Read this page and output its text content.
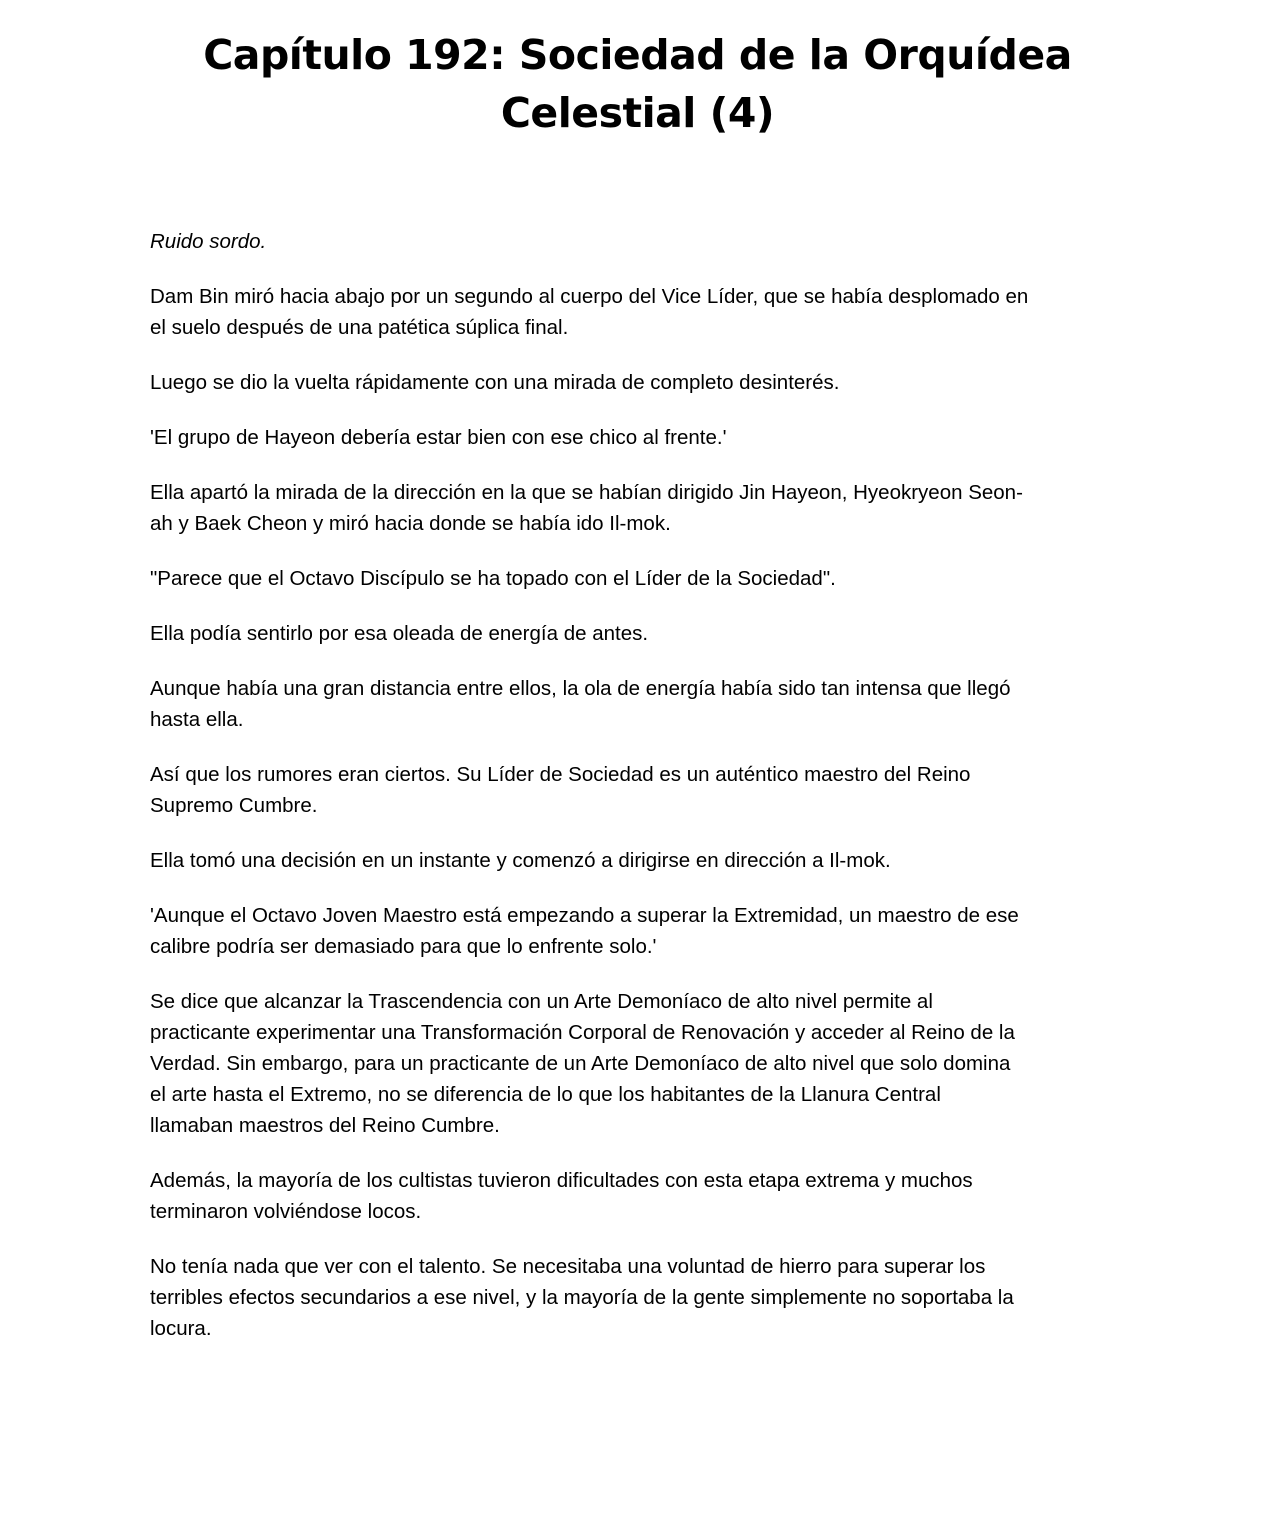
Capítulo 192: Sociedad de la Orquídea
Celestial (4)

Ruido sordo.

Dam Bin miró hacia abajo por un segundo al cuerpo del Vice Líder, que se había desplomado en
el suelo después de una patética súplica final.

Luego se dio la vuelta rápidamente con una mirada de completo desinterés.

'El grupo de Hayeon debería estar bien con ese chico al frente.'

Ella apartó la mirada de la dirección en la que se habían dirigido Jin Hayeon, Hyeokryeon Seon-
ah y Baek Cheon y miró hacia donde se había ido Il-mok.

"Parece que el Octavo Discípulo se ha topado con el Líder de la Sociedad".

Ella podía sentirlo por esa oleada de energía de antes.

Aunque había una gran distancia entre ellos, la ola de energía había sido tan intensa que llegó
hasta ella.

Así que los rumores eran ciertos. Su Líder de Sociedad es un auténtico maestro del Reino
Supremo Cumbre.

Ella tomó una decisión en un instante y comenzó a dirigirse en dirección a Il-mok.

'Aunque el Octavo Joven Maestro está empezando a superar la Extremidad, un maestro de ese
calibre podría ser demasiado para que lo enfrente solo.'

Se dice que alcanzar la Trascendencia con un Arte Demoníaco de alto nivel permite al
practicante experimentar una Transformación Corporal de Renovación y acceder al Reino de la
Verdad. Sin embargo, para un practicante de un Arte Demoníaco de alto nivel que solo domina
el arte hasta el Extremo, no se diferencia de lo que los habitantes de la Llanura Central
llamaban maestros del Reino Cumbre.

Además, la mayoría de los cultistas tuvieron dificultades con esta etapa extrema y muchos
terminaron volviéndose locos.

No tenía nada que ver con el talento. Se necesitaba una voluntad de hierro para superar los
terribles efectos secundarios a ese nivel, y la mayoría de la gente simplemente no soportaba la
locura.
